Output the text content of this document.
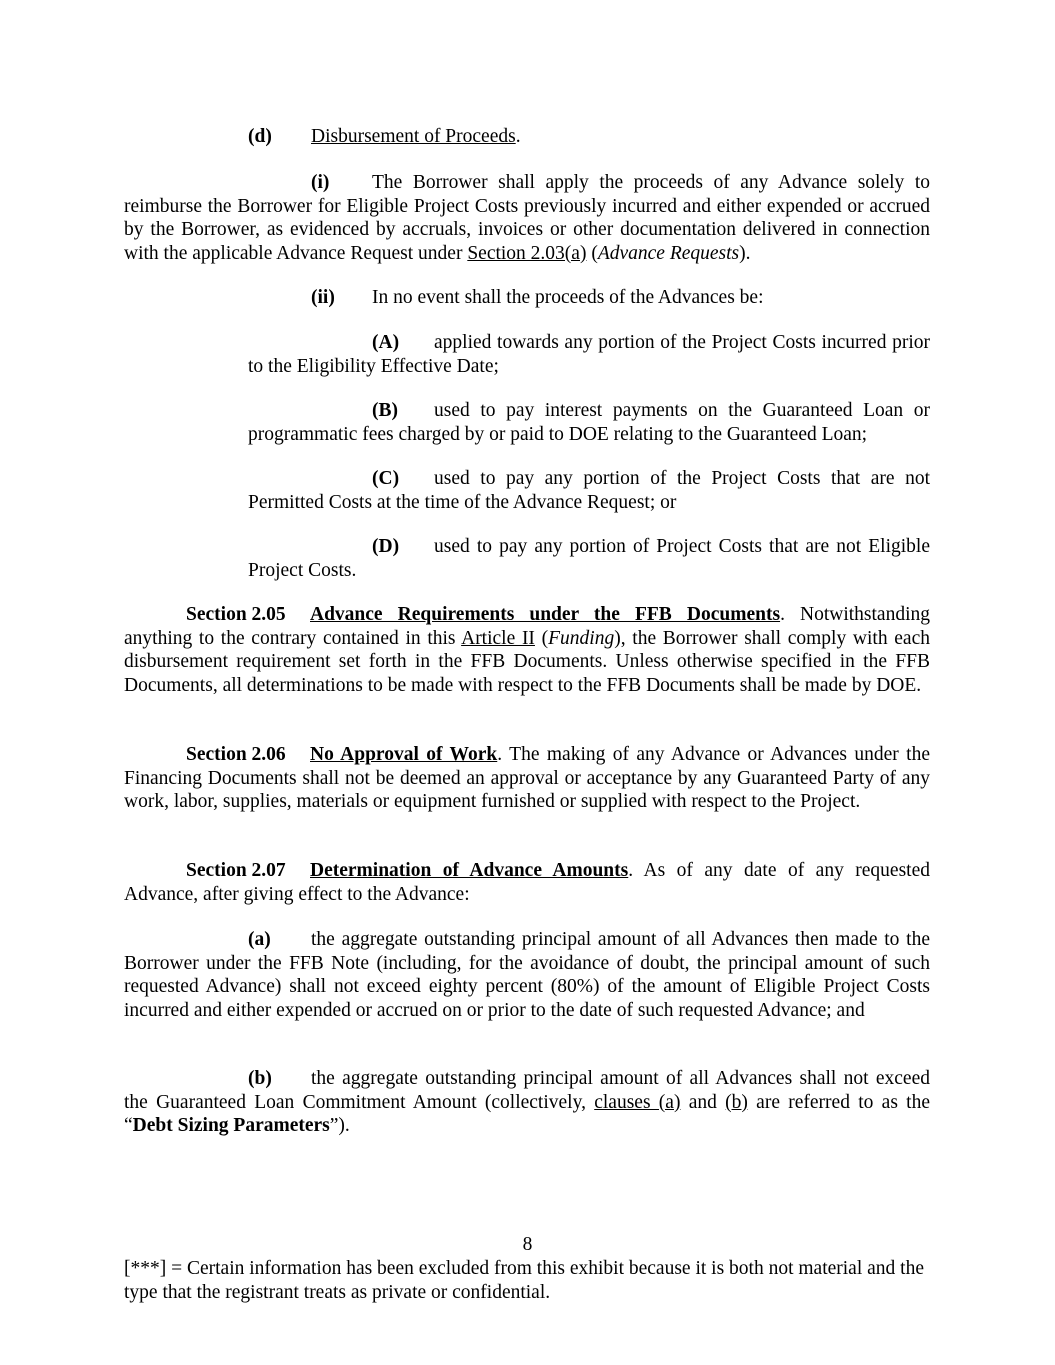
(d) Disbursement of Proceeds.

(i) The Borrower shall apply the proceeds of any Advance solely to reimburse the Borrower for Eligible Project Costs previously incurred and either expended or accrued by the Borrower, as evidenced by accruals, invoices or other documentation delivered in connection with the applicable Advance Request under Section 2.03(a) (Advance Requests).

(ii) In no event shall the proceeds of the Advances be:

(A) applied towards any portion of the Project Costs incurred prior to the Eligibility Effective Date;

(B) used to pay interest payments on the Guaranteed Loan or programmatic fees charged by or paid to DOE relating to the Guaranteed Loan;

(C) used to pay any portion of the Project Costs that are not Permitted Costs at the time of the Advance Request; or

(D) used to pay any portion of Project Costs that are not Eligible Project Costs.

Section 2.05 Advance Requirements under the FFB Documents. Notwithstanding anything to the contrary contained in this Article II (Funding), the Borrower shall comply with each disbursement requirement set forth in the FFB Documents. Unless otherwise specified in the FFB Documents, all determinations to be made with respect to the FFB Documents shall be made by DOE.

Section 2.06 No Approval of Work. The making of any Advance or Advances under the Financing Documents shall not be deemed an approval or acceptance by any Guaranteed Party of any work, labor, supplies, materials or equipment furnished or supplied with respect to the Project.

Section 2.07 Determination of Advance Amounts. As of any date of any requested Advance, after giving effect to the Advance:

(a) the aggregate outstanding principal amount of all Advances then made to the Borrower under the FFB Note (including, for the avoidance of doubt, the principal amount of such requested Advance) shall not exceed eighty percent (80%) of the amount of Eligible Project Costs incurred and either expended or accrued on or prior to the date of such requested Advance; and

(b) the aggregate outstanding principal amount of all Advances shall not exceed the Guaranteed Loan Commitment Amount (collectively, clauses (a) and (b) are referred to as the “Debt Sizing Parameters”).

8

[***] = Certain information has been excluded from this exhibit because it is both not material and the type that the registrant treats as private or confidential.
